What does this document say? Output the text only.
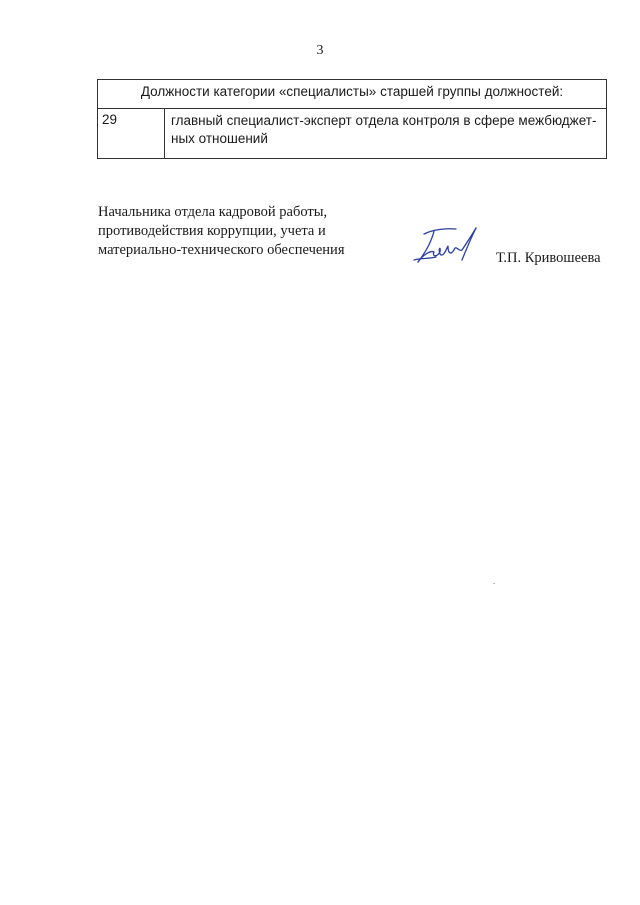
3
Должности категории «специалисты» старшей группы должностей:
29	главный специалист-эксперт отдела контроля в сфере межбюджет-
ных отношений
Начальника отдела кадровой работы,
противодействия коррупции, учета и
материально-технического обеспечения	Т.П. Кривошеева
